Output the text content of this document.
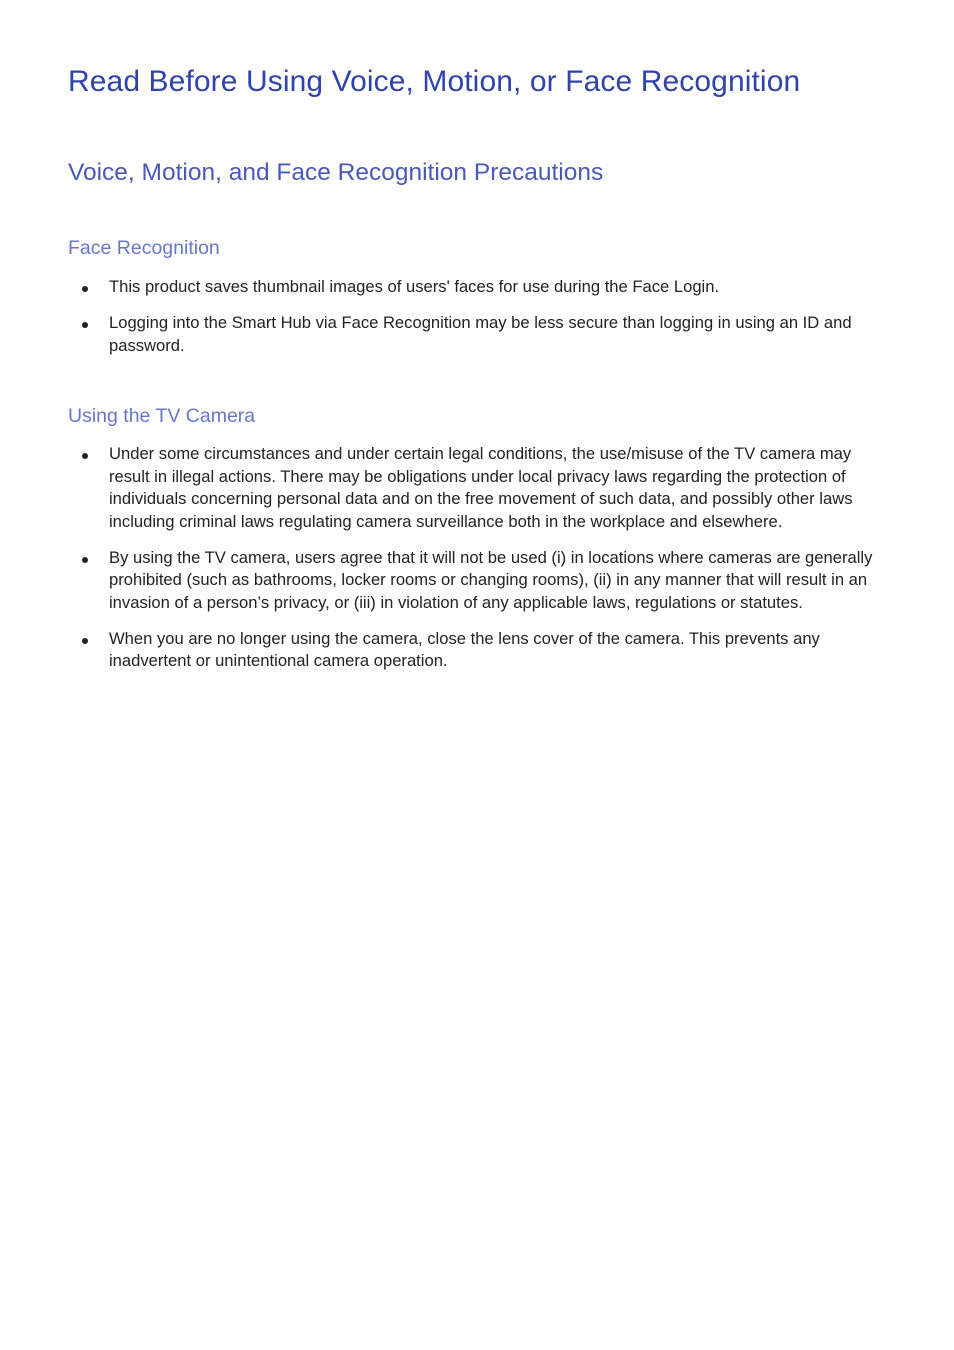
Read Before Using Voice, Motion, or Face Recognition
Voice, Motion, and Face Recognition Precautions
Face Recognition
This product saves thumbnail images of users' faces for use during the Face Login.
Logging into the Smart Hub via Face Recognition may be less secure than logging in using an ID and password.
Using the TV Camera
Under some circumstances and under certain legal conditions, the use/misuse of the TV camera may result in illegal actions. There may be obligations under local privacy laws regarding the protection of individuals concerning personal data and on the free movement of such data, and possibly other laws including criminal laws regulating camera surveillance both in the workplace and elsewhere.
By using the TV camera, users agree that it will not be used (i) in locations where cameras are generally prohibited (such as bathrooms, locker rooms or changing rooms), (ii) in any manner that will result in an invasion of a person’s privacy, or (iii) in violation of any applicable laws, regulations or statutes.
When you are no longer using the camera, close the lens cover of the camera. This prevents any inadvertent or unintentional camera operation.
